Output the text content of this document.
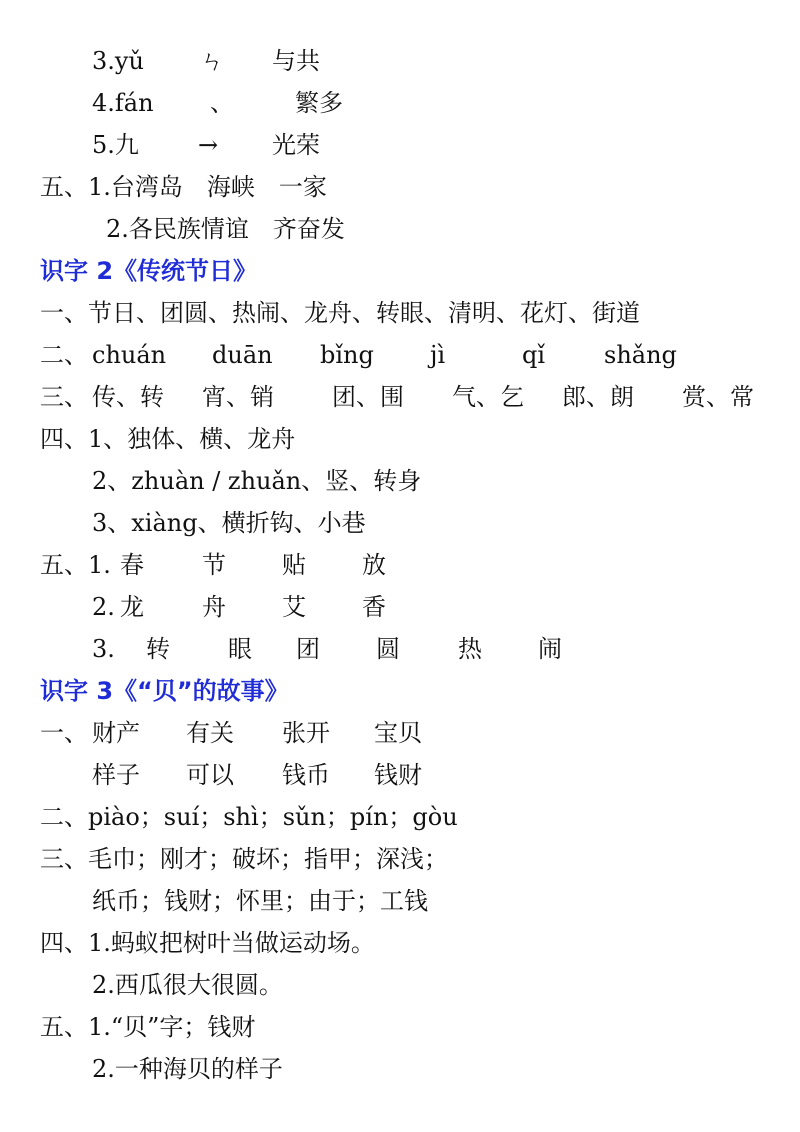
3.yǔ ㄣ 与共
4.fán 、	繁多
5.九 → 光荣
五、1.台湾岛　海峡　一家
2.各民族情谊　齐奋发
识字 2《传统节日》
一、节日、团圆、热闹、龙舟、转眼、清明、花灯、街道
二、 chuán duān bǐng jì	qǐ shǎng
三、 传、转 宵、销 团、围 气、乞 郎、朗 赏、常
四、1、独体、横、龙舟
2、zhuàn / zhuǎn、竖、转身
3、xiàng、横折钩、小巷
五、1. 春 节 贴 放
2. 龙 舟 艾 香
3. 转 眼 团 圆 热 闹
识字 3《“贝”的故事》
一、 财产 有关 张开 宝贝
样子 可以 钱币 钱财
二、piào；suí；shì；sǔn；pín；gòu
三、毛巾；刚才；破坏；指甲；深浅；
纸币；钱财；怀里；由于；工钱
四、1.蚂蚁把树叶当做运动场。
2.西瓜很大很圆。
五、1.“贝”字；钱财
2.一种海贝的样子
